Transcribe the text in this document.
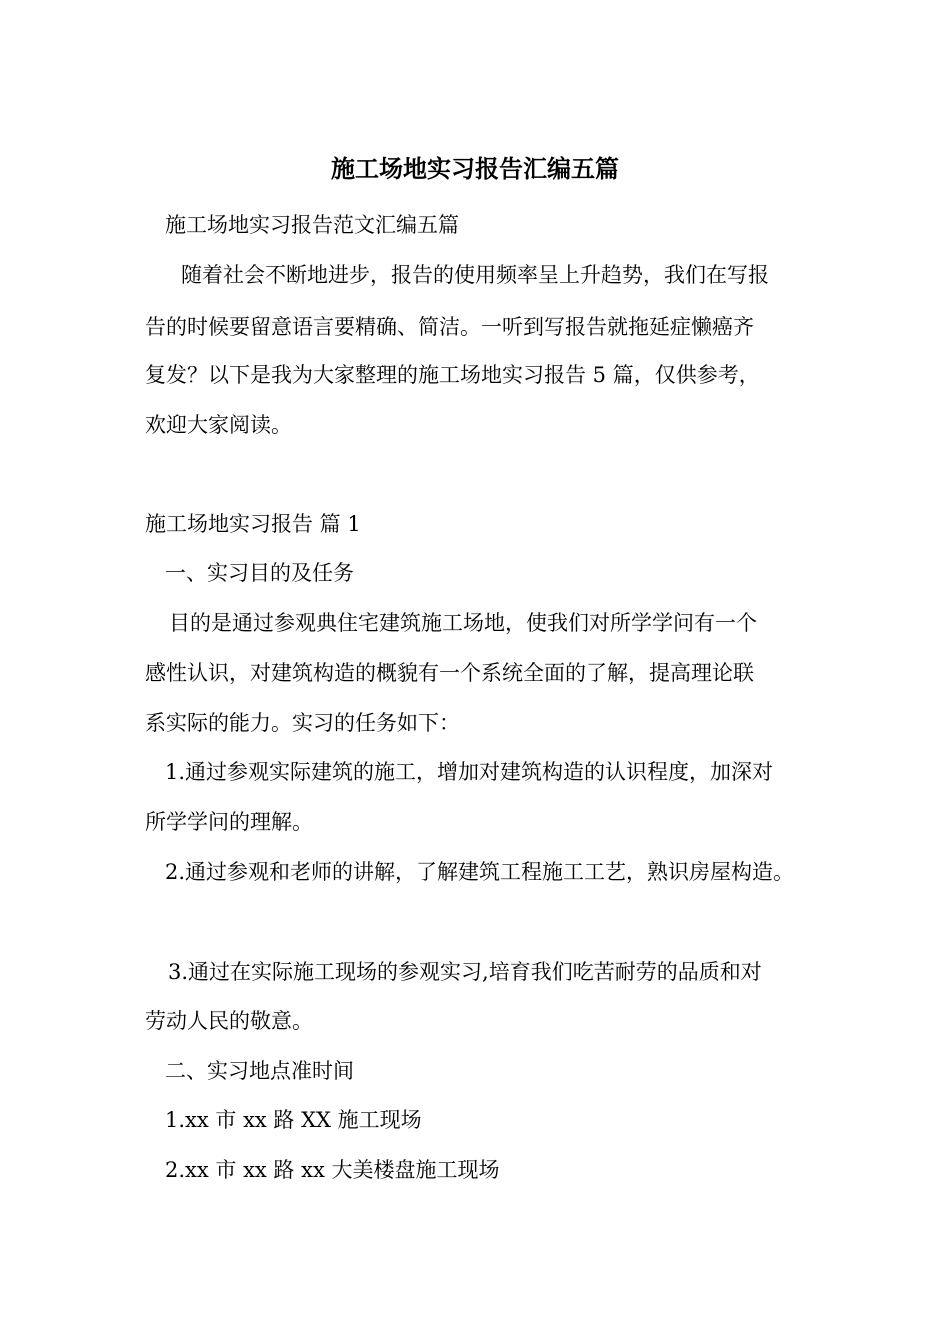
施工场地实习报告汇编五篇
施工场地实习报告范文汇编五篇
随着社会不断地进步，报告的使用频率呈上升趋势，我们在写报
告的时候要留意语言要精确、简洁。一听到写报告就拖延症懒癌齐
复发？以下是我为大家整理的施工场地实习报告 5 篇，仅供参考，
欢迎大家阅读。
施工场地实习报告 篇 1
一、实习目的及任务
目的是通过参观典住宅建筑施工场地，使我们对所学学问有一个
感性认识，对建筑构造的概貌有一个系统全面的了解，提高理论联
系实际的能力。实习的任务如下：
1.通过参观实际建筑的施工，增加对建筑构造的认识程度，加深对
所学学问的理解。
2.通过参观和老师的讲解，了解建筑工程施工工艺，熟识房屋构造。
3.通过在实际施工现场的参观实习,培育我们吃苦耐劳的品质和对
劳动人民的敬意。
二、实习地点准时间
1.xx 市 xx 路 XX 施工现场
2.xx 市 xx 路 xx 大美楼盘施工现场
